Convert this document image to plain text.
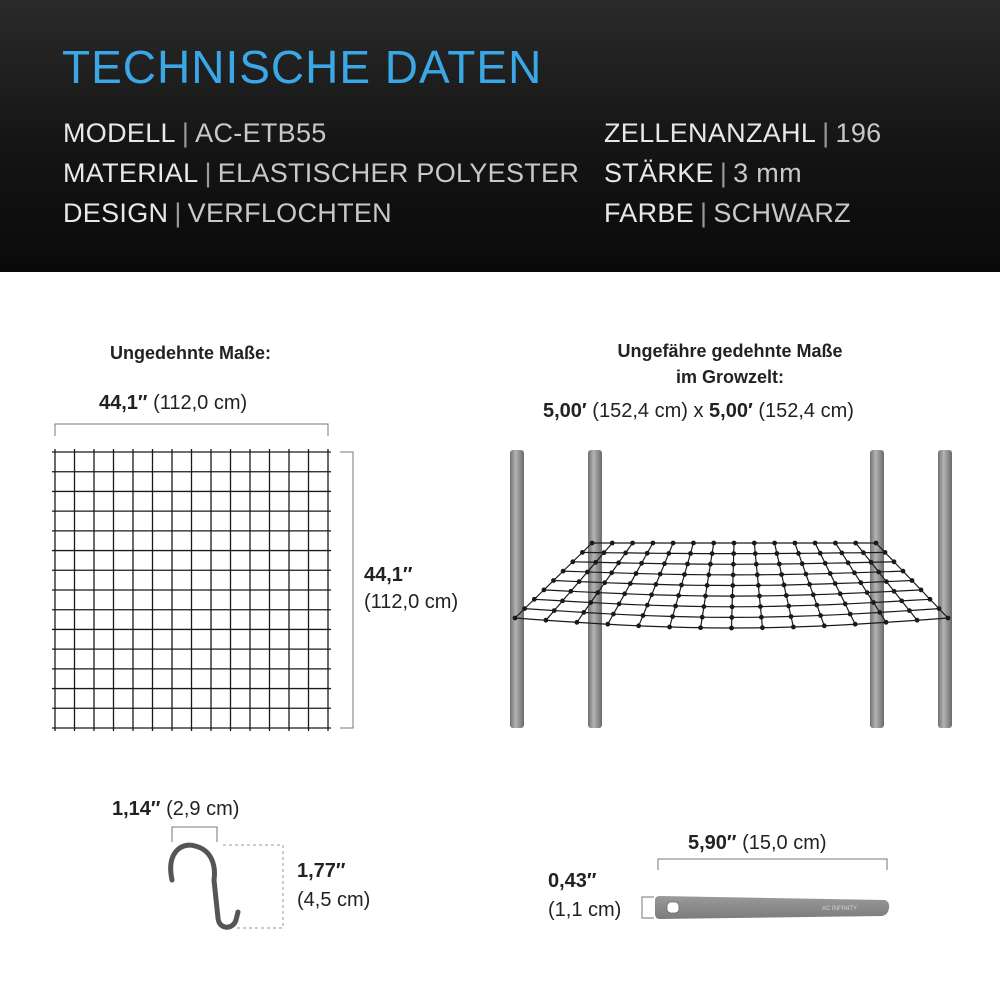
TECHNISCHE DATEN
MODELL | AC-ETB55
MATERIAL | ELASTISCHER POLYESTER
DESIGN | VERFLOCHTEN
ZELLENANZAHL | 196
STÄRKE | 3 mm
FARBE | SCHWARZ
AC INFINITY
Ungedehnte Maße:
44,1″ (112,0 cm)
44,1″
(112,0 cm)
Ungefähre gedehnte Maße
im Growzelt:
5,00′ (152,4 cm) x 5,00′ (152,4 cm)
1,14″ (2,9 cm)
1,77″
(4,5 cm)
5,90″ (15,0 cm)
0,43″
(1,1 cm)
